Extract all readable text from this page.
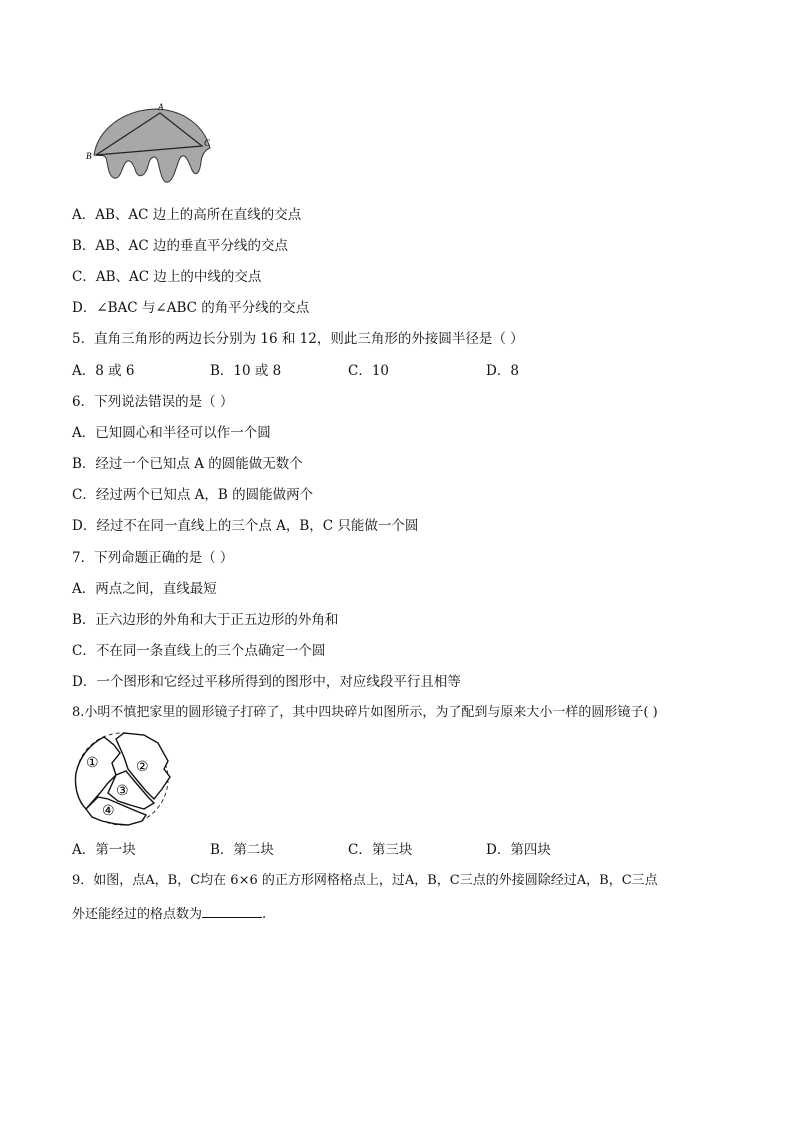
A
B
C
A．AB、AC 边上的高所在直线的交点
B．AB、AC 边的垂直平分线的交点
C．AB、AC 边上的中线的交点
D．∠BAC 与∠ABC 的角平分线的交点
5．直角三角形的两边长分别为 16 和 12，则此三角形的外接圆半径是（ ）
A．8 或 6	B．10 或 8	C．10	D．8
6．下列说法错误的是（ ）
A．已知圆心和半径可以作一个圆
B．经过一个已知点 A 的圆能做无数个
C．经过两个已知点 A，B 的圆能做两个
D．经过不在同一直线上的三个点 A，B，C 只能做一个圆
7．下列命题正确的是（ ）
A．两点之间，直线最短
B．正六边形的外角和大于正五边形的外角和
C．不在同一条直线上的三个点确定一个圆
D．一个图形和它经过平移所得到的图形中，对应线段平行且相等
8.小明不慎把家里的圆形镜子打碎了，其中四块碎片如图所示，为了配到与原来大小一样的圆形镜子( )
①	②
③
④
A．第一块	B．第二块	C．第三块	D．第四块
9．如图，点A，B，C均在 6×6 的正方形网格格点上，过A，B，C三点的外接圆除经过A，B，C三点
外还能经过的格点数为	.
